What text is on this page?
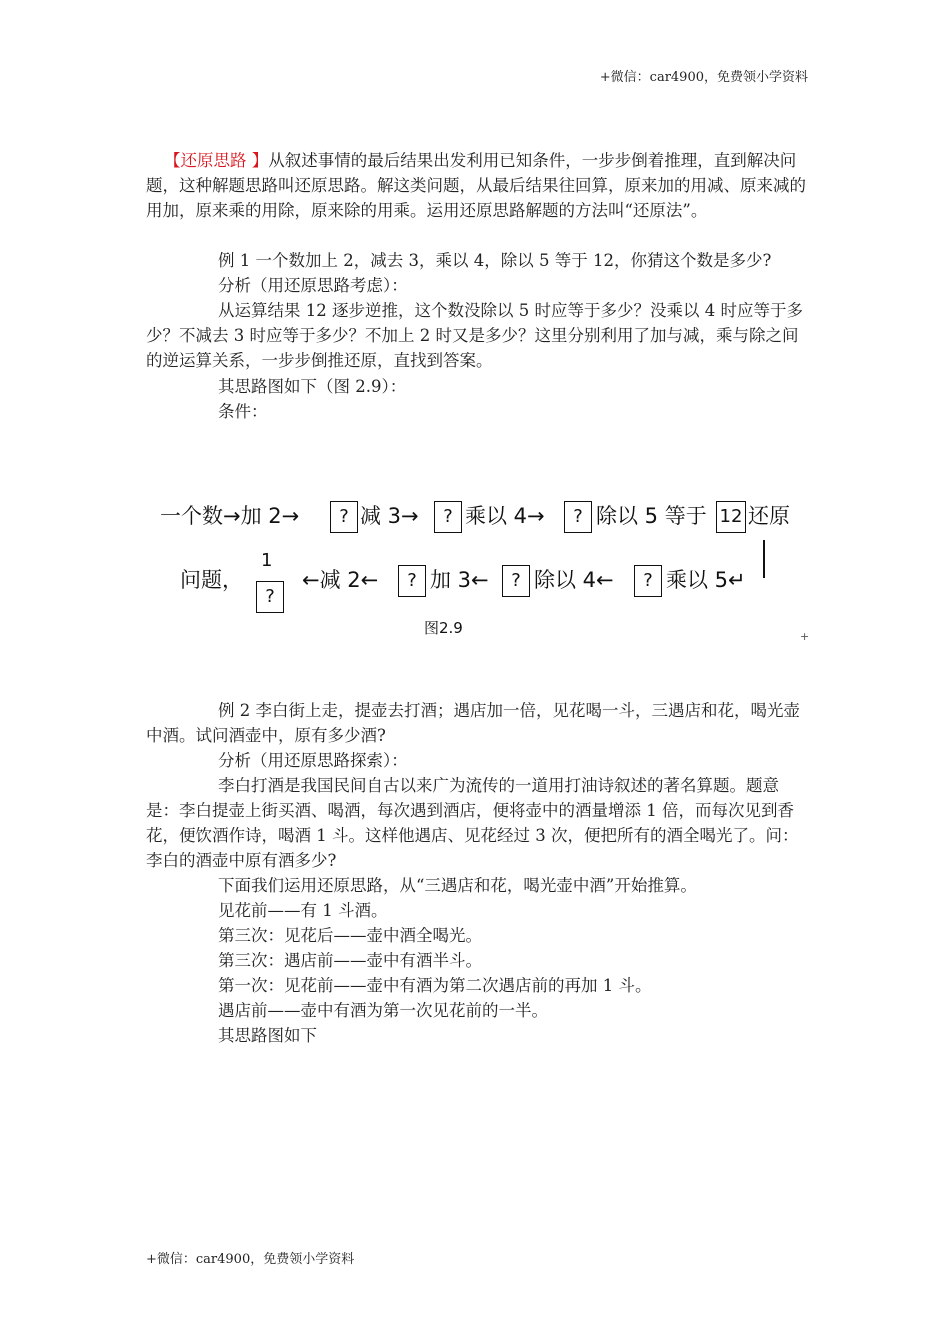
+微信：car4900，免费领小学资料

【还原思路 】从叙述事情的最后结果出发利用已知条件，一步步倒着推理，直到解决问题，这种解题思路叫还原思路。解这类问题，从最后结果往回算，原来加的用减、原来减的用加，原来乘的用除，原来除的用乘。运用还原思路解题的方法叫“还原法”。

例 1 一个数加上 2，减去 3，乘以 4，除以 5 等于 12，你猜这个数是多少?
分析（用还原思路考虑）：

从运算结果 12 逐步逆推，这个数没除以 5 时应等于多少？没乘以 4 时应等于多少？不减去 3 时应等于多少？不加上 2 时又是多少？这里分别利用了加与减，乘与除之间的逆运算关系，一步步倒推还原，直找到答案。

其思路图如下（图 2.9）：
条件：
一个数→加 2→	? 减 3→	? 乘以 4→	? 除以 5 等于 12 还原
问题，
1
?
←减 2←	? 加 3←	? 除以 4←	? 乘以 5↵
图2.9	+

例 2 李白街上走，提壶去打酒；遇店加一倍，见花喝一斗，三遇店和花，喝光壶中酒。试问酒壶中，原有多少酒?

分析（用还原思路探索）：

李白打酒是我国民间自古以来广为流传的一道用打油诗叙述的著名算题。题意是：李白提壶上街买酒、喝酒，每次遇到酒店，便将壶中的酒量增添 1 倍，而每次见到香花，便饮酒作诗，喝酒 1 斗。这样他遇店、见花经过 3 次，便把所有的酒全喝光了。问：李白的酒壶中原有酒多少?

下面我们运用还原思路，从“三遇店和花，喝光壶中酒”开始推算。
见花前——有 1 斗酒。
第三次：见花后——壶中酒全喝光。
第三次：遇店前——壶中有酒半斗。
第一次：见花前——壶中有酒为第二次遇店前的再加 1 斗。
遇店前——壶中有酒为第一次见花前的一半。
其思路图如下
+微信：car4900，免费领小学资料
